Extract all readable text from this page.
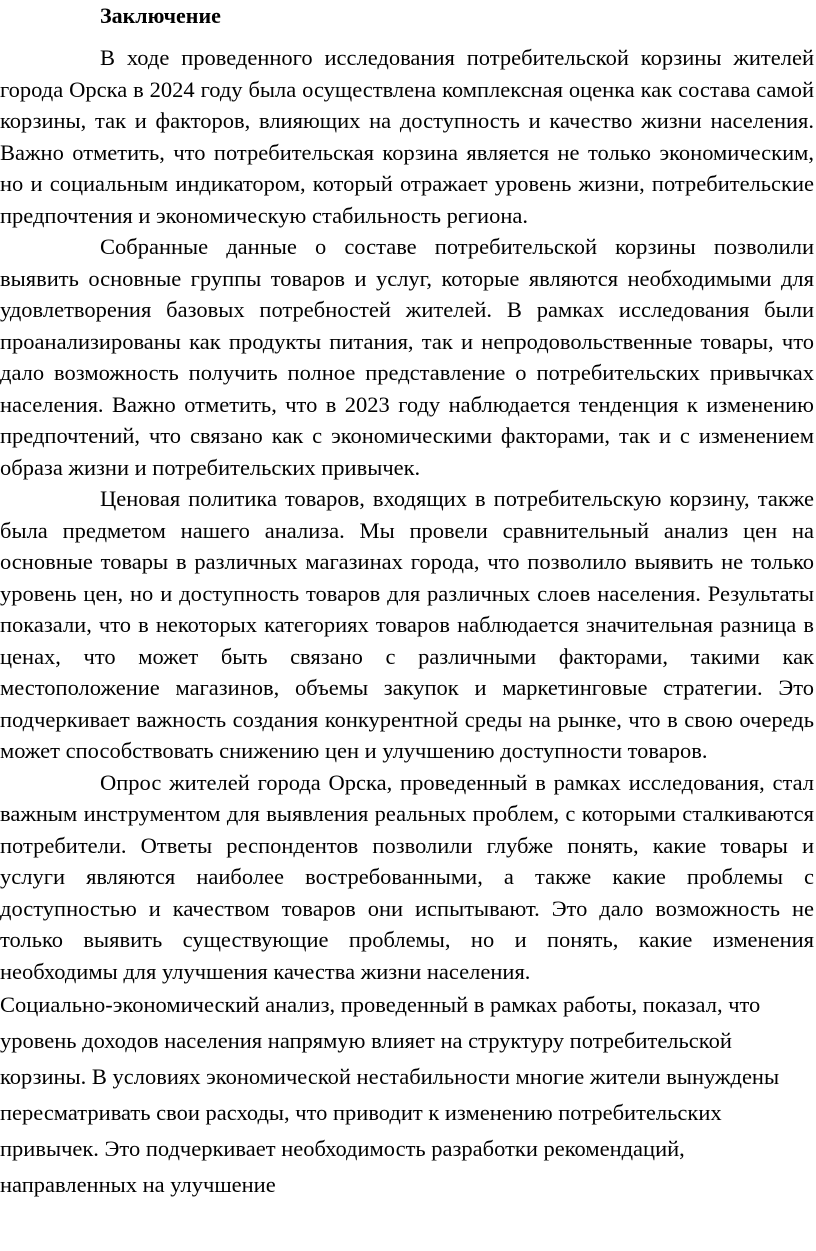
Заключение

В ходе проведенного исследования потребительской корзины жителей города Орска в 2024 году была осуществлена комплексная оценка как состава самой корзины, так и факторов, влияющих на доступность и качество жизни населения. Важно отметить, что потребительская корзина является не только экономическим, но и социальным индикатором, который отражает уровень жизни, потребительские предпочтения и экономическую стабильность региона.

Собранные данные о составе потребительской корзины позволили выявить основные группы товаров и услуг, которые являются необходимыми для удовлетворения базовых потребностей жителей. В рамках исследования были проанализированы как продукты питания, так и непродовольственные товары, что дало возможность получить полное представление о потребительских привычках населения. Важно отметить, что в 2023 году наблюдается тенденция к изменению предпочтений, что связано как с экономическими факторами, так и с изменением образа жизни и потребительских привычек.

Ценовая политика товаров, входящих в потребительскую корзину, также была предметом нашего анализа. Мы провели сравнительный анализ цен на основные товары в различных магазинах города, что позволило выявить не только уровень цен, но и доступность товаров для различных слоев населения. Результаты показали, что в некоторых категориях товаров наблюдается значительная разница в ценах, что может быть связано с различными факторами, такими как местоположение магазинов, объемы закупок и маркетинговые стратегии. Это подчеркивает важность создания конкурентной среды на рынке, что в свою очередь может способствовать снижению цен и улучшению доступности товаров.

Опрос жителей города Орска, проведенный в рамках исследования, стал важным инструментом для выявления реальных проблем, с которыми сталкиваются потребители. Ответы респондентов позволили глубже понять, какие товары и услуги являются наиболее востребованными, а также какие проблемы с доступностью и качеством товаров они испытывают. Это дало возможность не только выявить существующие проблемы, но и понять, какие изменения необходимы для улучшения качества жизни населения.

Социально-экономический анализ, проведенный в рамках работы, показал, что уровень доходов населения напрямую влияет на структуру потребительской корзины. В условиях экономической нестабильности многие жители вынуждены пересматривать свои расходы, что приводит к изменению потребительских привычек. Это подчеркивает необходимость разработки рекомендаций, направленных на улучшение
